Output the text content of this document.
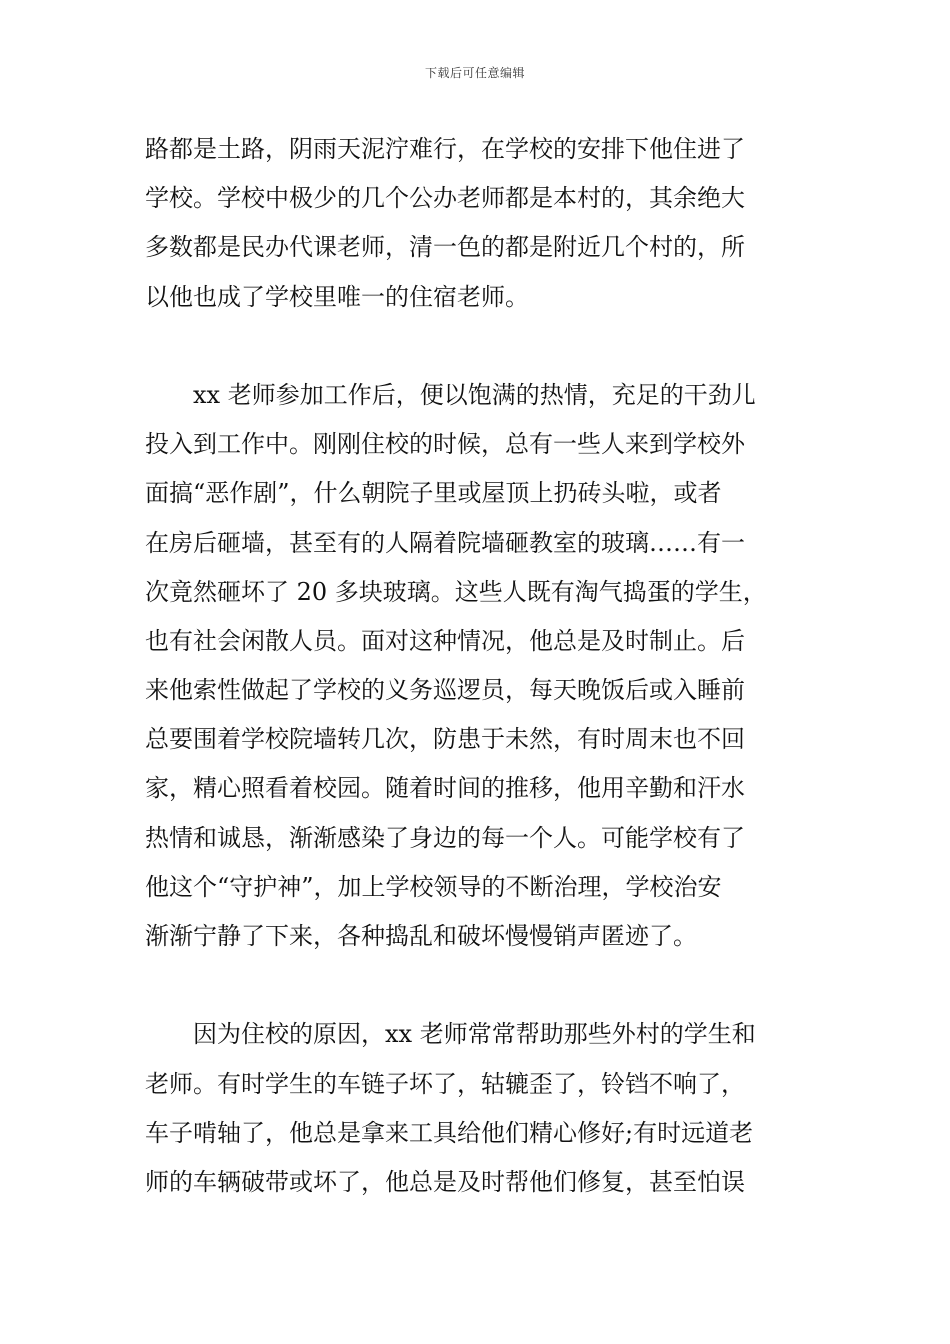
下载后可任意编辑
路都是土路，阴雨天泥泞难行，在学校的安排下他住进了
学校。学校中极少的几个公办老师都是本村的，其余绝大
多数都是民办代课老师，清一色的都是附近几个村的，所
以他也成了学校里唯一的住宿老师。
xx 老师参加工作后，便以饱满的热情，充足的干劲儿
投入到工作中。刚刚住校的时候，总有一些人来到学校外
面搞“恶作剧”，什么朝院子里或屋顶上扔砖头啦，或者
在房后砸墙，甚至有的人隔着院墙砸教室的玻璃……有一
次竟然砸坏了 20 多块玻璃。这些人既有淘气捣蛋的学生，
也有社会闲散人员。面对这种情况，他总是及时制止。后
来他索性做起了学校的义务巡逻员，每天晚饭后或入睡前
总要围着学校院墙转几次，防患于未然，有时周末也不回
家，精心照看着校园。随着时间的推移，他用辛勤和汗水
热情和诚恳，渐渐感染了身边的每一个人。可能学校有了
他这个“守护神”，加上学校领导的不断治理，学校治安
渐渐宁静了下来，各种捣乱和破坏慢慢销声匿迹了。
因为住校的原因，xx 老师常常帮助那些外村的学生和
老师。有时学生的车链子坏了，轱辘歪了，铃铛不响了，
车子啃轴了，他总是拿来工具给他们精心修好;有时远道老
师的车辆破带或坏了，他总是及时帮他们修复，甚至怕误
